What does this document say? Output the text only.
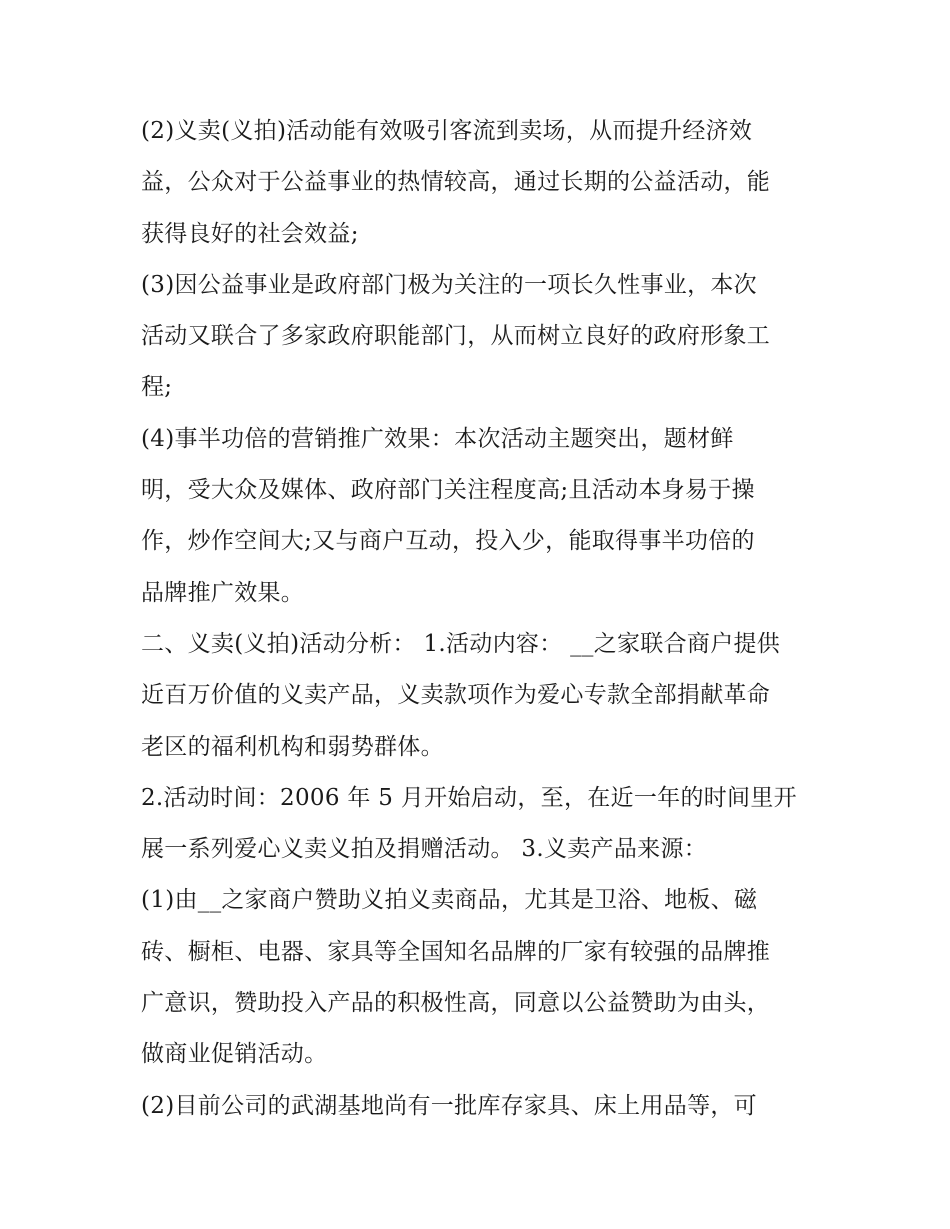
(2)义卖(义拍)活动能有效吸引客流到卖场，从而提升经济效
益，公众对于公益事业的热情较高，通过长期的公益活动，能
获得良好的社会效益;
(3)因公益事业是政府部门极为关注的一项长久性事业，本次
活动又联合了多家政府职能部门，从而树立良好的政府形象工
程;
(4)事半功倍的营销推广效果：本次活动主题突出，题材鲜
明，受大众及媒体、政府部门关注程度高;且活动本身易于操
作，炒作空间大;又与商户互动，投入少，能取得事半功倍的
品牌推广效果。
二、义卖(义拍)活动分析： 1.活动内容： __之家联合商户提供
近百万价值的义卖产品，义卖款项作为爱心专款全部捐献革命
老区的福利机构和弱势群体。
2.活动时间：2006 年 5 月开始启动，至，在近一年的时间里开
展一系列爱心义卖义拍及捐赠活动。 3.义卖产品来源：
(1)由__之家商户赞助义拍义卖商品，尤其是卫浴、地板、磁
砖、橱柜、电器、家具等全国知名品牌的厂家有较强的品牌推
广意识，赞助投入产品的积极性高，同意以公益赞助为由头，
做商业促销活动。
(2)目前公司的武湖基地尚有一批库存家具、床上用品等，可
